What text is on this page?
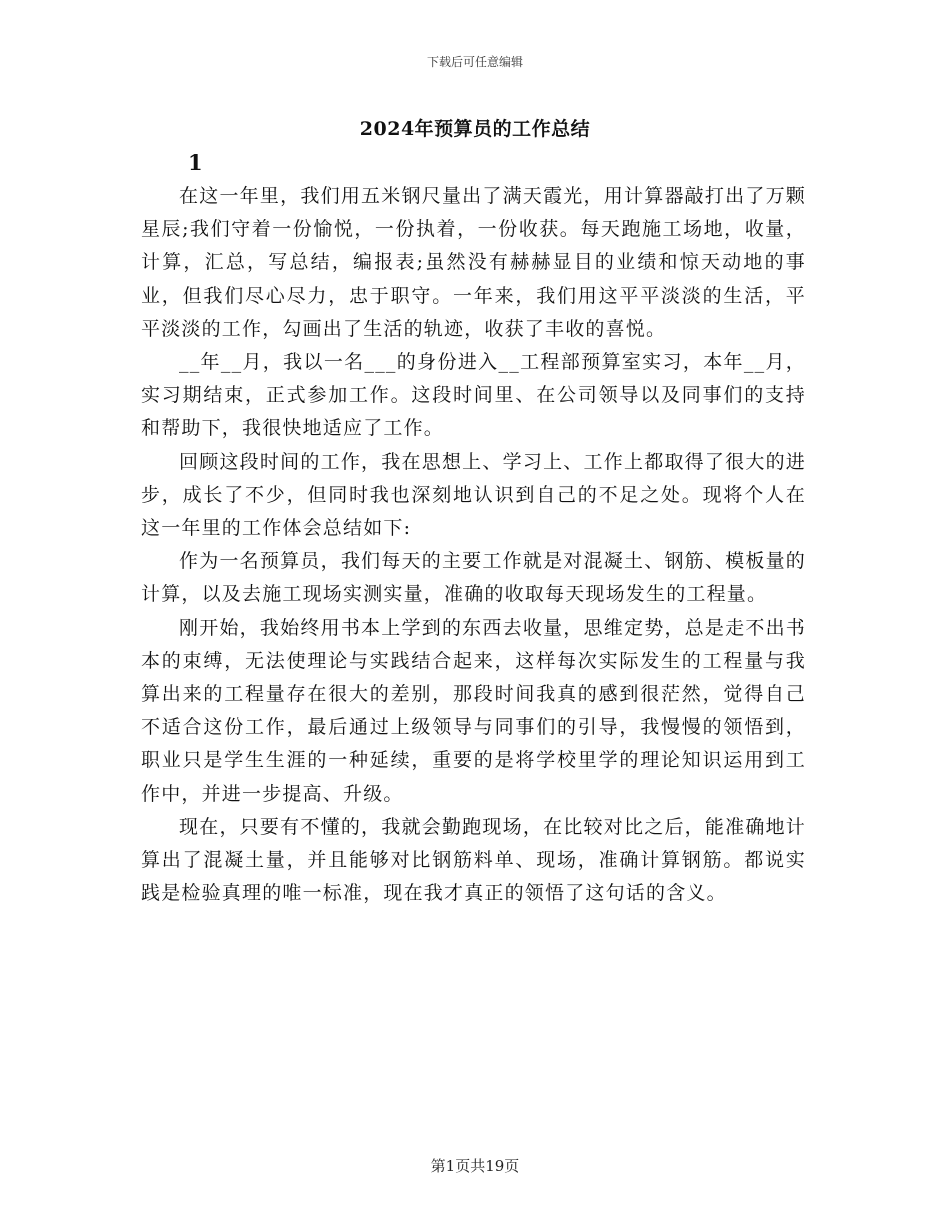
下载后可任意编辑
2024年预算员的工作总结
1

在这一年里，我们用五米钢尺量出了满天霞光，用计算器敲打出了万颗星辰;我们守着一份愉悦，一份执着，一份收获。每天跑施工场地，收量，计算，汇总，写总结，编报表;虽然没有赫赫显目的业绩和惊天动地的事业，但我们尽心尽力，忠于职守。一年来，我们用这平平淡淡的生活，平平淡淡的工作，勾画出了生活的轨迹，收获了丰收的喜悦。

__年__月，我以一名___的身份进入__工程部预算室实习，本年__月，实习期结束，正式参加工作。这段时间里、在公司领导以及同事们的支持和帮助下，我很快地适应了工作。

回顾这段时间的工作，我在思想上、学习上、工作上都取得了很大的进步，成长了不少，但同时我也深刻地认识到自己的不足之处。现将个人在这一年里的工作体会总结如下:

作为一名预算员，我们每天的主要工作就是对混凝土、钢筋、模板量的计算，以及去施工现场实测实量，准确的收取每天现场发生的工程量。

刚开始，我始终用书本上学到的东西去收量，思维定势，总是走不出书本的束缚，无法使理论与实践结合起来，这样每次实际发生的工程量与我算出来的工程量存在很大的差别，那段时间我真的感到很茫然，觉得自己不适合这份工作，最后通过上级领导与同事们的引导，我慢慢的领悟到，职业只是学生生涯的一种延续，重要的是将学校里学的理论知识运用到工作中，并进一步提高、升级。

现在，只要有不懂的，我就会勤跑现场，在比较对比之后，能准确地计算出了混凝土量，并且能够对比钢筋料单、现场，准确计算钢筋。都说实践是检验真理的唯一标准，现在我才真正的领悟了这句话的含义。

第1页共19页
